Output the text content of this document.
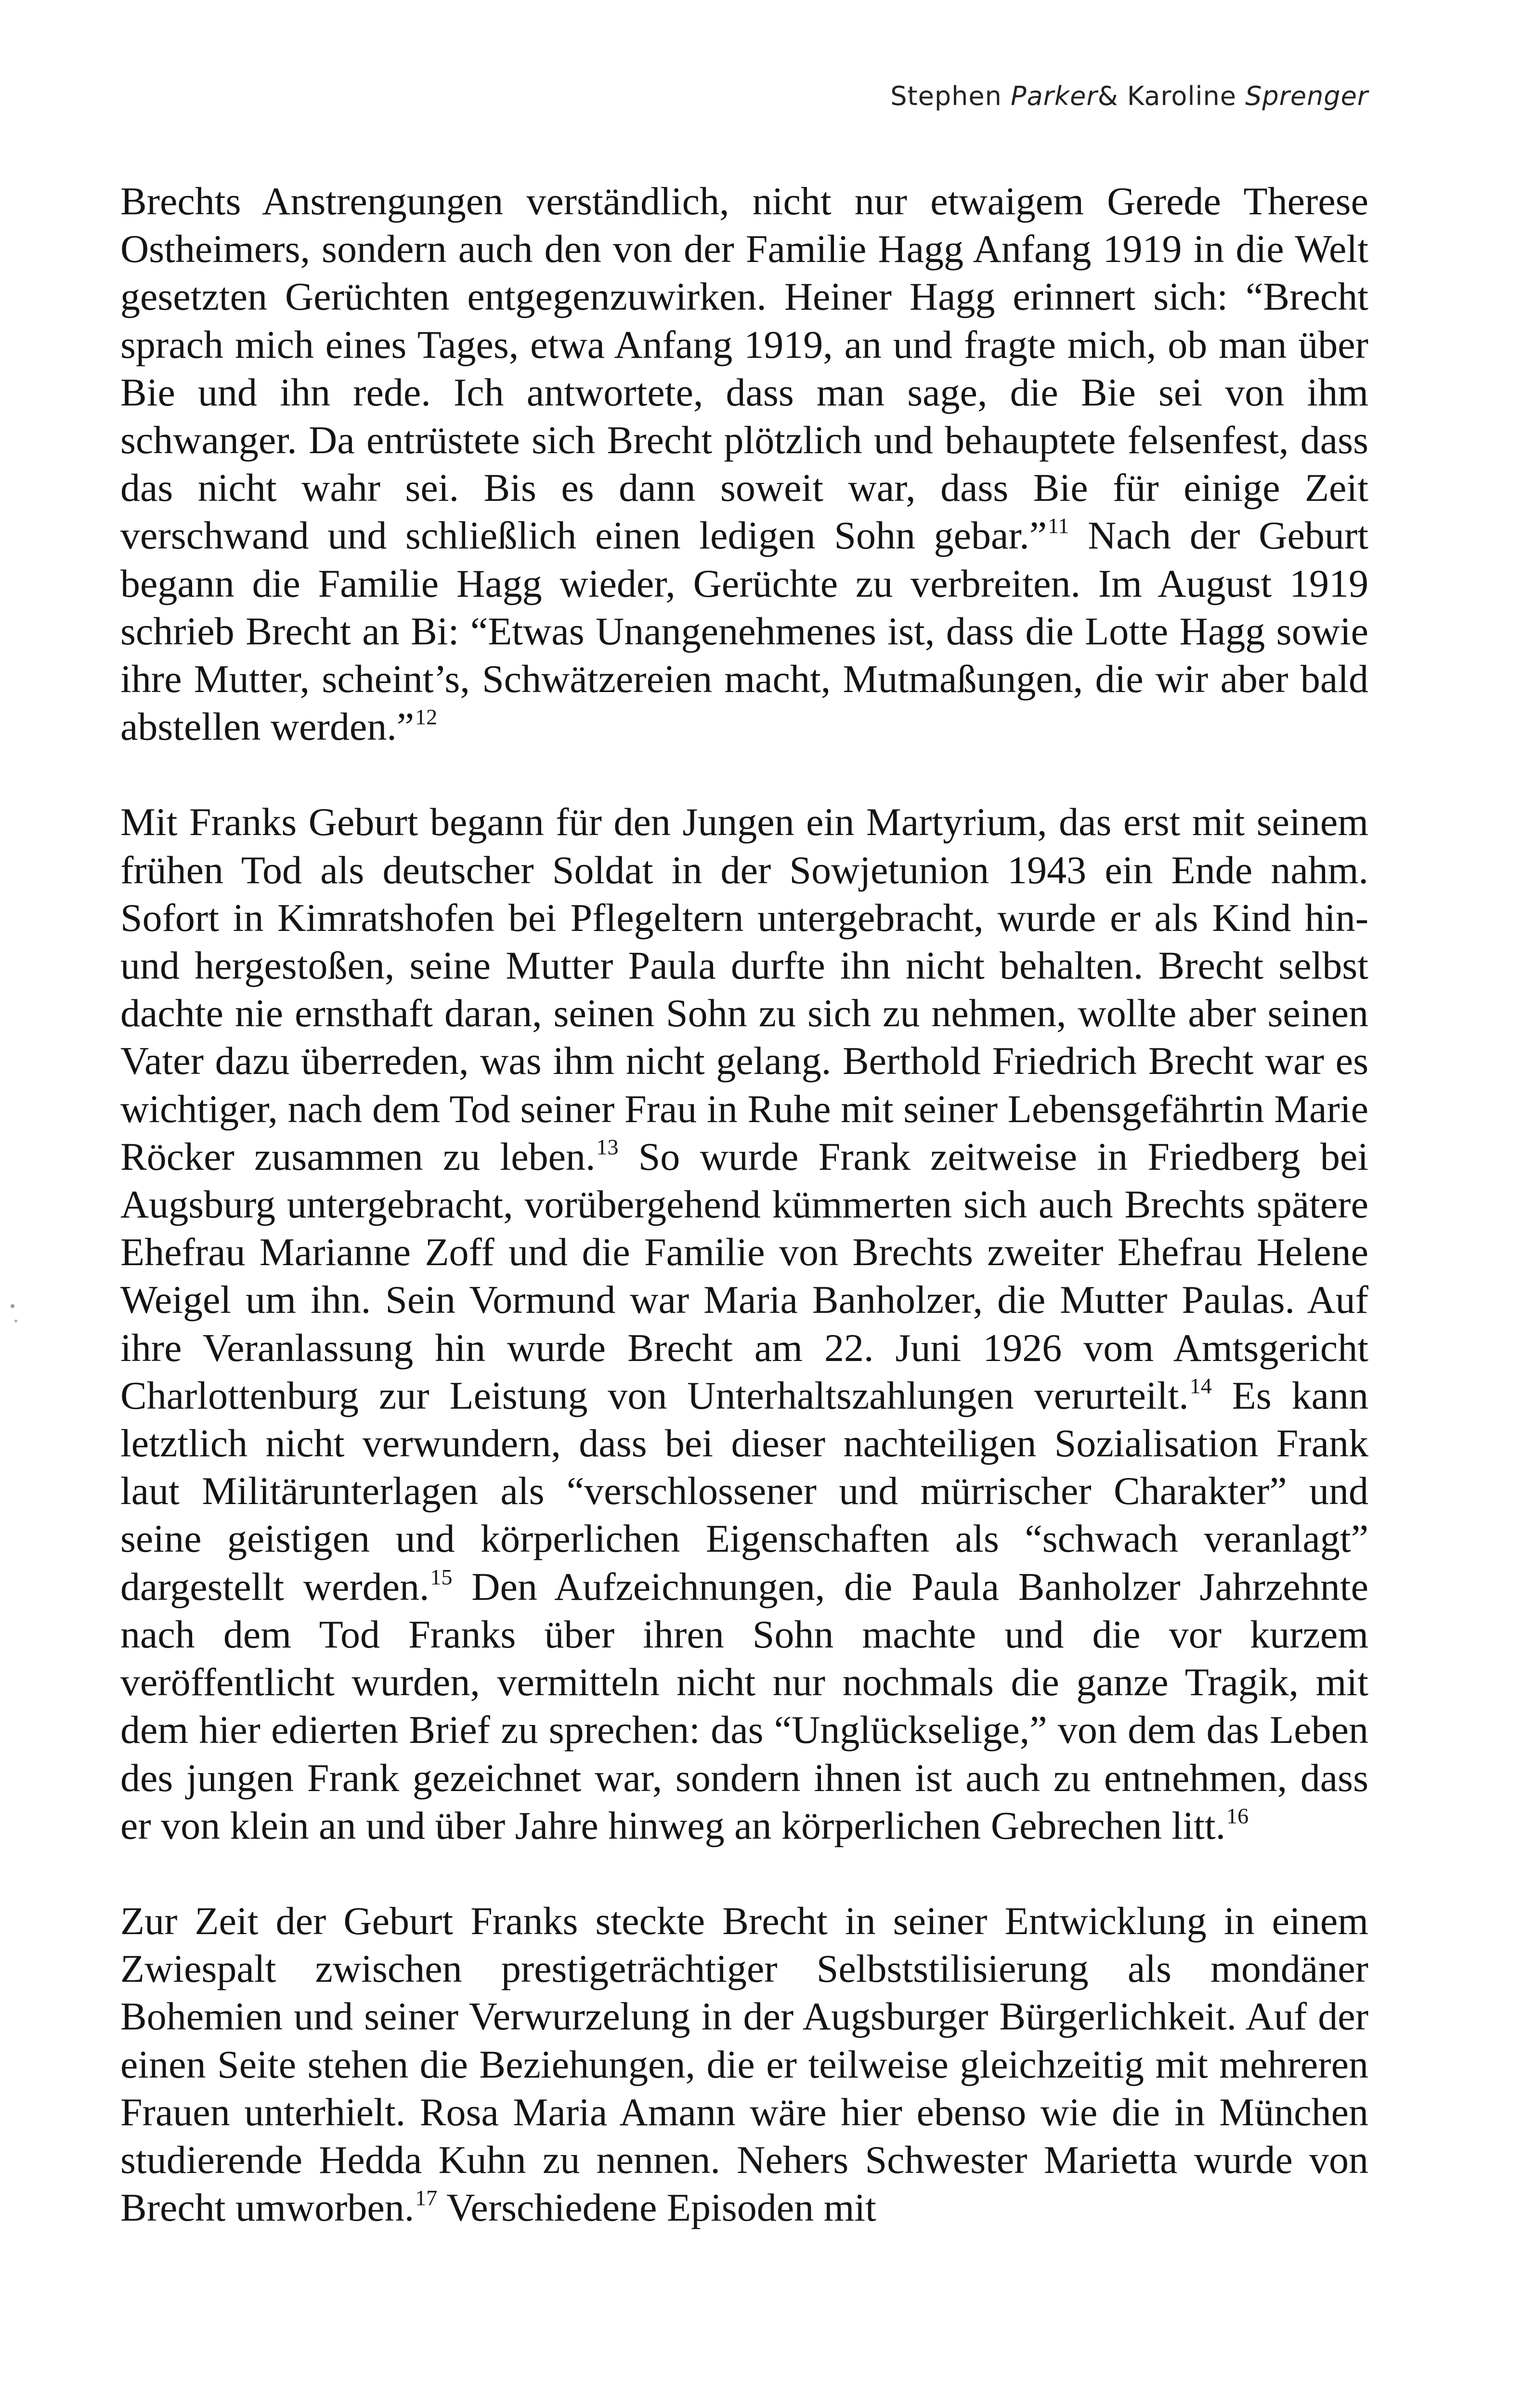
Stephen Parker& Karoline Sprenger

Brechts Anstrengungen verständlich, nicht nur etwaigem Gerede Therese Ostheimers, sondern auch den von der Familie Hagg Anfang 1919 in die Welt gesetzten Gerüchten entgegenzuwirken. Heiner Hagg erinnert sich: “Brecht sprach mich eines Tages, etwa Anfang 1919, an und fragte mich, ob man über Bie und ihn rede. Ich antwortete, dass man sage, die Bie sei von ihm schwanger. Da entrüstete sich Brecht plötzlich und behauptete felsenfest, dass das nicht wahr sei. Bis es dann soweit war, dass Bie für einige Zeit verschwand und schließlich einen ledigen Sohn gebar.”$^{11}$ Nach der Geburt begann die Familie Hagg wieder, Gerüchte zu verbreiten. Im August 1919 schrieb Brecht an Bi: “Etwas Unangenehmenes ist, dass die Lotte Hagg sowie ihre Mutter, scheint’s, Schwätzereien macht, Mutmaßungen, die wir aber bald abstellen werden.”$^{12}$

Mit Franks Geburt begann für den Jungen ein Martyrium, das erst mit seinem frühen Tod als deutscher Soldat in der Sowjetunion 1943 ein Ende nahm. Sofort in Kimratshofen bei Pflegeltern untergebracht, wurde er als Kind hin- und hergestoßen, seine Mutter Paula durfte ihn nicht behalten. Brecht selbst dachte nie ernsthaft daran, seinen Sohn zu sich zu nehmen, wollte aber seinen Vater dazu überreden, was ihm nicht gelang. Berthold Friedrich Brecht war es wichtiger, nach dem Tod seiner Frau in Ruhe mit seiner Lebensgefährtin Marie Röcker zusammen zu leben.$^{13}$ So wurde Frank zeitweise in Friedberg bei Augsburg untergebracht, vorübergehend kümmerten sich auch Brechts spätere Ehefrau Marianne Zoff und die Familie von Brechts zweiter Ehefrau Helene Weigel um ihn. Sein Vormund war Maria Banholzer, die Mutter Paulas. Auf ihre Veranlassung hin wurde Brecht am 22. Juni 1926 vom Amtsgericht Charlottenburg zur Leistung von Unterhaltszahlungen verurteilt.$^{14}$ Es kann letztlich nicht verwundern, dass bei dieser nachteiligen Sozialisation Frank laut Militärunterlagen als “verschlossener und mürrischer Charakter” und seine geistigen und körperlichen Eigenschaften als “schwach veranlagt” dargestellt werden.$^{15}$ Den Aufzeichnungen, die Paula Banholzer Jahrzehnte nach dem Tod Franks über ihren Sohn machte und die vor kurzem veröffentlicht wurden, vermitteln nicht nur nochmals die ganze Tragik, mit dem hier edierten Brief zu sprechen: das “Unglückselige,” von dem das Leben des jungen Frank gezeichnet war, sondern ihnen ist auch zu entnehmen, dass er von klein an und über Jahre hinweg an körperlichen Gebrechen litt.$^{16}$

Zur Zeit der Geburt Franks steckte Brecht in seiner Entwicklung in einem Zwiespalt zwischen prestigeträchtiger Selbststilisierung als mondäner Bohemien und seiner Verwurzelung in der Augsburger Bürgerlichkeit. Auf der einen Seite stehen die Beziehungen, die er teilweise gleichzeitig mit mehreren Frauen unterhielt. Rosa Maria Amann wäre hier ebenso wie die in München studierende Hedda Kuhn zu nennen. Nehers Schwester Marietta wurde von Brecht umworben.$^{17}$ Verschiedene Episoden mit
